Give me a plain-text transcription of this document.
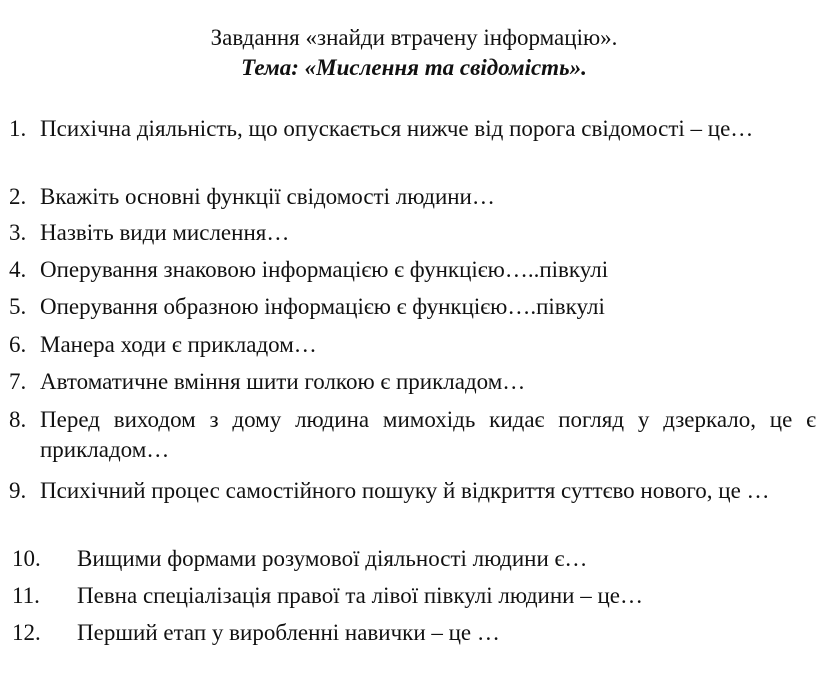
Завдання «знайди втрачену інформацію».
Тема: «Мислення та свідомість».
1. Психічна діяльність, що опускається нижче від порога свідомості – це…
2. Вкажіть основні функції свідомості людини…
3. Назвіть види мислення…
4. Оперування знаковою інформацією є функцією…..півкулі
5. Оперування образною інформацією є функцією….півкулі
6. Манера ходи є прикладом…
7. Автоматичне вміння шити голкою є прикладом…
8. Перед виходом з дому людина мимохідь кидає погляд у дзеркало, це є прикладом…
9. Психічний процес самостійного пошуку й відкриття суттєво нового, це …
10. Вищими формами розумової діяльності людини є…
11. Певна спеціалізація правої та лівої півкулі людини – це…
12. Перший етап у виробленні навички – це …
